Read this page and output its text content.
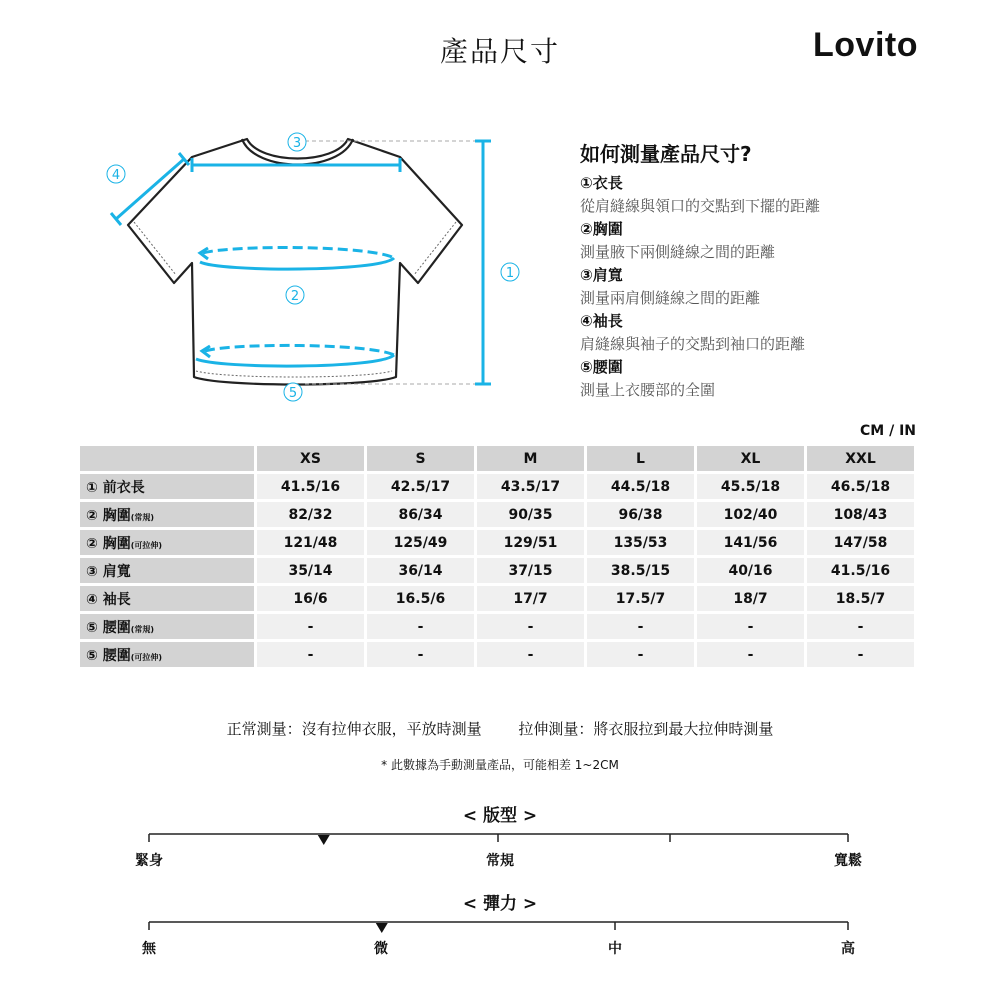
產品尺寸	Lovito
3
4
1
2
5
如何測量產品尺寸?
①衣長
從肩縫線與領口的交點到下擺的距離
②胸圍
測量腋下兩側縫線之間的距離
③肩寬
測量兩肩側縫線之間的距離
④袖長
肩縫線與袖子的交點到袖口的距離
⑤腰圍
測量上衣腰部的全圍
CM / IN
	XS	S	M	L	XL	XXL
① 前衣長	41.5/16	42.5/17	43.5/17	44.5/18	45.5/18	46.5/18
② 胸圍(常規)	82/32	86/34	90/35	96/38	102/40	108/43
② 胸圍(可拉伸)	121/48	125/49	129/51	135/53	141/56	147/58
③ 肩寬	35/14	36/14	37/15	38.5/15	40/16	41.5/16
④ 袖長	16/6	16.5/6	17/7	17.5/7	18/7	18.5/7
⑤ 腰圍(常規)	-	-	-	-	-	-
⑤ 腰圍(可拉伸)	-	-	-	-	-	-
正常測量：沒有拉伸衣服，平放時測量 拉伸測量：將衣服拉到最大拉伸時測量
* 此數據為手動測量產品，可能相差 1~2CM
< 版型 >
緊身	常規	寬鬆
< 彈力 >
無	微	中	高
